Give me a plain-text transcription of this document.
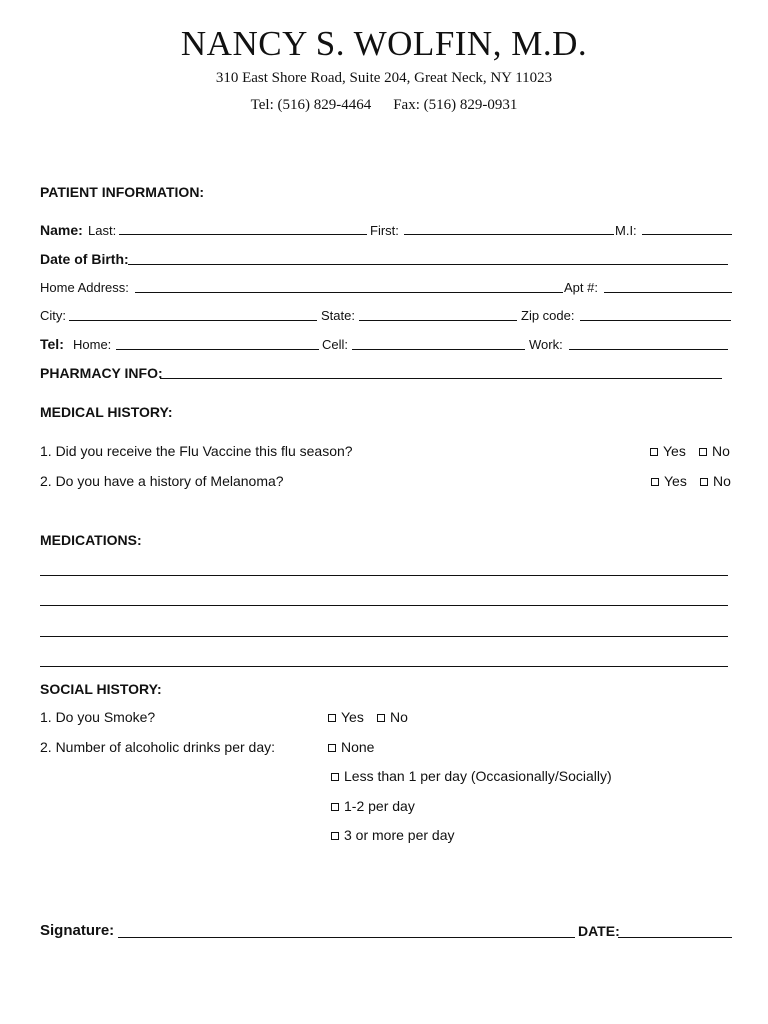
NANCY S. WOLFIN, M.D.
310 East Shore Road, Suite 204, Great Neck, NY 11023
Tel: (516) 829-4464 Fax: (516) 829-0931
PATIENT INFORMATION:
Name: Last:	First:	M.I:
Date of Birth:
Home Address:	Apt #:
City:	State:	Zip code:
Tel: Home:	Cell:	Work:
PHARMACY INFO:
MEDICAL HISTORY:
1. Did you receive the Flu Vaccine this flu season?	Yes	No
2. Do you have a history of Melanoma?	Yes	No
MEDICATIONS:
SOCIAL HISTORY:
1. Do you Smoke?	Yes	No
2. Number of alcoholic drinks per day:	None
Less than 1 per day (Occasionally/Socially)
1-2 per day
3 or more per day
Signature:	DATE:
